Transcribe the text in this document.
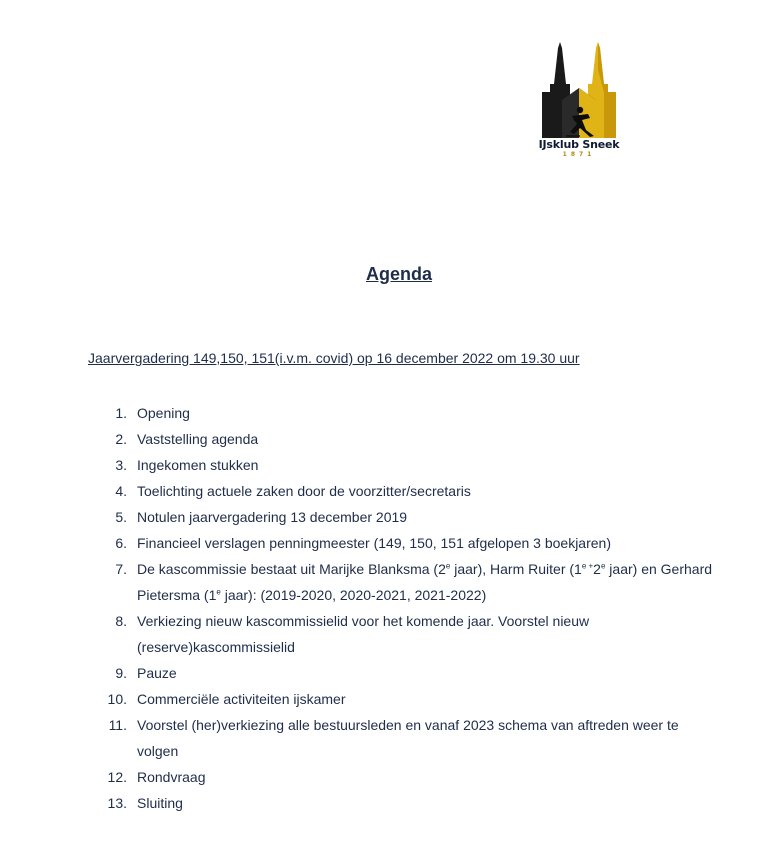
IJsklub Sneek
1871
Agenda
Jaarvergadering 149,150, 151(i.v.m. covid) op 16 december 2022 om 19.30 uur
1. Opening
2. Vaststelling agenda
3. Ingekomen stukken
4. Toelichting actuele zaken door de voorzitter/secretaris
5. Notulen jaarvergadering 13 december 2019
6. Financieel verslagen penningmeester (149, 150, 151 afgelopen 3 boekjaren)
7. De kascommissie bestaat uit Marijke Blanksma (2e jaar), Harm Ruiter ($1^{e +}2e$ jaar) en Gerhard Pietersma (1e jaar): (2019-2020, 2020-2021, 2021-2022)
8. Verkiezing nieuw kascommissielid voor het komende jaar. Voorstel nieuw (reserve)kascommissielid
9. Pauze
10. Commerciële activiteiten ijskamer
11. Voorstel (her)verkiezing alle bestuursleden en vanaf 2023 schema van aftreden weer te volgen
12. Rondvraag
13. Sluiting
